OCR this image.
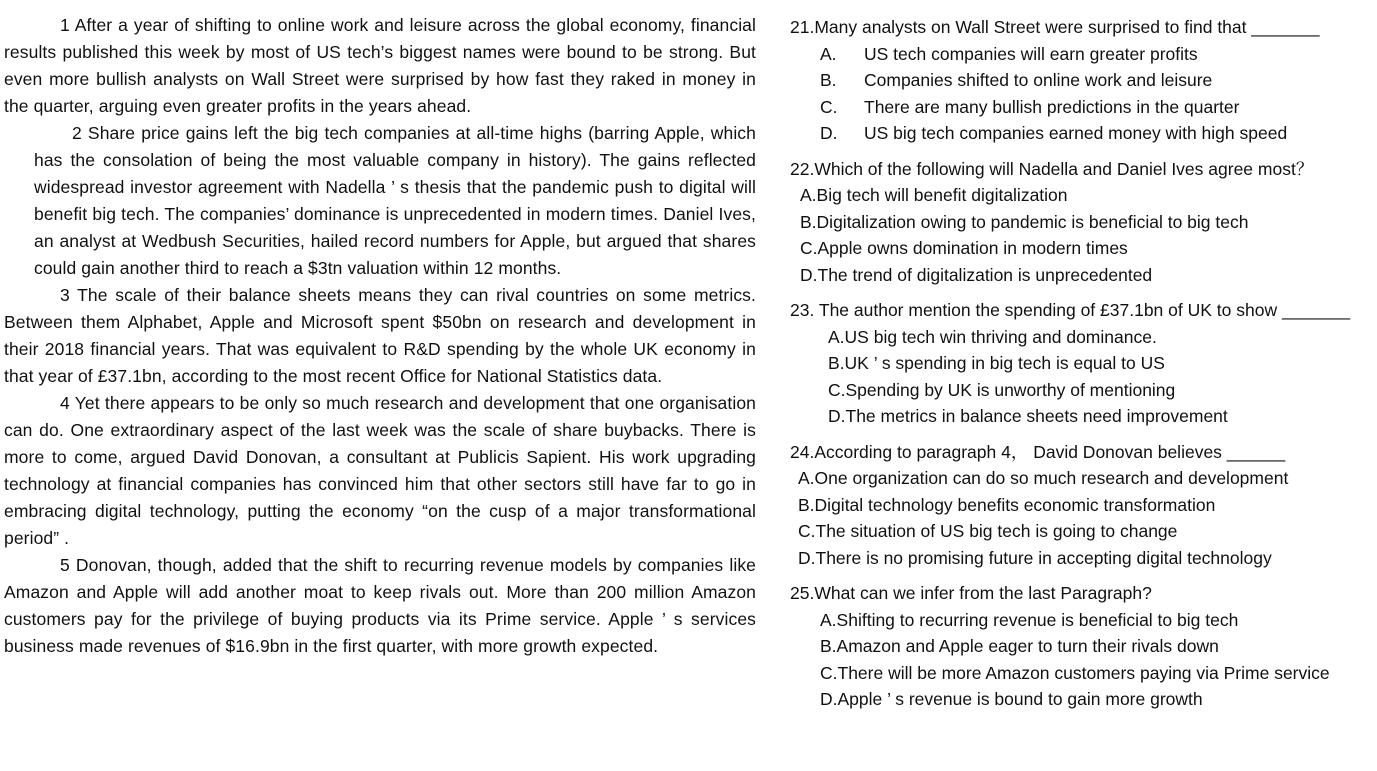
1 After a year of shifting to online work and leisure across the global economy, financial results published this week by most of US tech’s biggest names were bound to be strong. But even more bullish analysts on Wall Street were surprised by how fast they raked in money in the quarter, arguing even greater profits in the years ahead.

2 Share price gains left the big tech companies at all-time highs (barring Apple, which has the consolation of being the most valuable company in history). The gains reflected widespread investor agreement with Nadella ’ s thesis that the pandemic push to digital will benefit big tech. The companies’ dominance is unprecedented in modern times. Daniel Ives, an analyst at Wedbush Securities, hailed record numbers for Apple, but argued that shares could gain another third to reach a $3tn valuation within 12 months.

3 The scale of their balance sheets means they can rival countries on some metrics. Between them Alphabet, Apple and Microsoft spent $50bn on research and development in their 2018 financial years. That was equivalent to R&D spending by the whole UK economy in that year of £37.1bn, according to the most recent Office for National Statistics data.

4 Yet there appears to be only so much research and development that one organisation can do. One extraordinary aspect of the last week was the scale of share buybacks. There is more to come, argued David Donovan, a consultant at Publicis Sapient. His work upgrading technology at financial companies has convinced him that other sectors still have far to go in embracing digital technology, putting the economy “on the cusp of a major transformational period” .

5 Donovan, though, added that the shift to recurring revenue models by companies like Amazon and Apple will add another moat to keep rivals out. More than 200 million Amazon customers pay for the privilege of buying products via its Prime service. Apple ’ s services business made revenues of $16.9bn in the first quarter, with more growth expected.

21.Many analysts on Wall Street were surprised to find that _______
A. US tech companies will earn greater profits
B. Companies shifted to online work and leisure
C. There are many bullish predictions in the quarter
D. US big tech companies earned money with high speed
22.Which of the following will Nadella and Daniel Ives agree most？
A.Big tech will benefit digitalization
B.Digitalization owing to pandemic is beneficial to big tech
C.Apple owns domination in modern times
D.The trend of digitalization is unprecedented
23. The author mention the spending of £37.1bn of UK to show _______
A.US big tech win thriving and dominance.
B.UK ’ s spending in big tech is equal to US
C.Spending by UK is unworthy of mentioning
D.The metrics in balance sheets need improvement
24.According to paragraph 4， David Donovan believes ______
A.One organization can do so much research and development
B.Digital technology benefits economic transformation
C.The situation of US big tech is going to change
D.There is no promising future in accepting digital technology
25.What can we infer from the last Paragraph?
A.Shifting to recurring revenue is beneficial to big tech
B.Amazon and Apple eager to turn their rivals down
C.There will be more Amazon customers paying via Prime service
D.Apple ’ s revenue is bound to gain more growth
